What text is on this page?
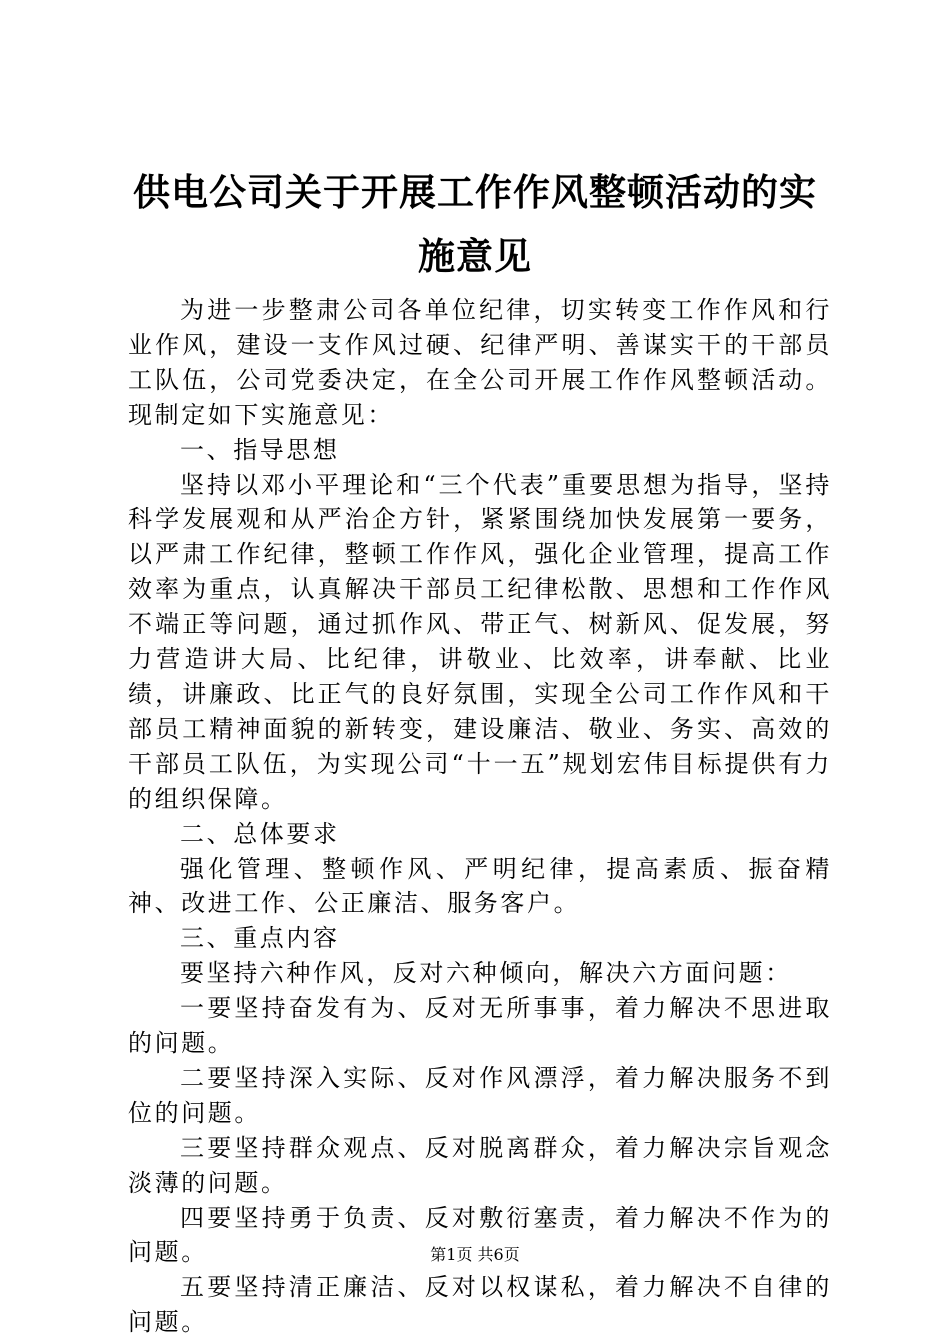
供电公司关于开展工作作风整顿活动的实施意见

为进一步整肃公司各单位纪律，切实转变工作作风和行业作风，建设一支作风过硬、纪律严明、善谋实干的干部员工队伍，公司党委决定，在全公司开展工作作风整顿活动。现制定如下实施意见：

一、指导思想

坚持以邓小平理论和“三个代表”重要思想为指导，坚持科学发展观和从严治企方针，紧紧围绕加快发展第一要务，以严肃工作纪律，整顿工作作风，强化企业管理，提高工作效率为重点，认真解决干部员工纪律松散、思想和工作作风不端正等问题，通过抓作风、带正气、树新风、促发展，努力营造讲大局、比纪律，讲敬业、比效率，讲奉献、比业绩，讲廉政、比正气的良好氛围，实现全公司工作作风和干部员工精神面貌的新转变，建设廉洁、敬业、务实、高效的干部员工队伍，为实现公司“十一五”规划宏伟目标提供有力的组织保障。

二、总体要求

强化管理、整顿作风、严明纪律，提高素质、振奋精神、改进工作、公正廉洁、服务客户。

三、重点内容

要坚持六种作风，反对六种倾向，解决六方面问题：

一要坚持奋发有为、反对无所事事，着力解决不思进取的问题。

二要坚持深入实际、反对作风漂浮，着力解决服务不到位的问题。

三要坚持群众观点、反对脱离群众，着力解决宗旨观念淡薄的问题。

四要坚持勇于负责、反对敷衍塞责，着力解决不作为的问题。

五要坚持清正廉洁、反对以权谋私，着力解决不自律的问题。

第1页 共6页
